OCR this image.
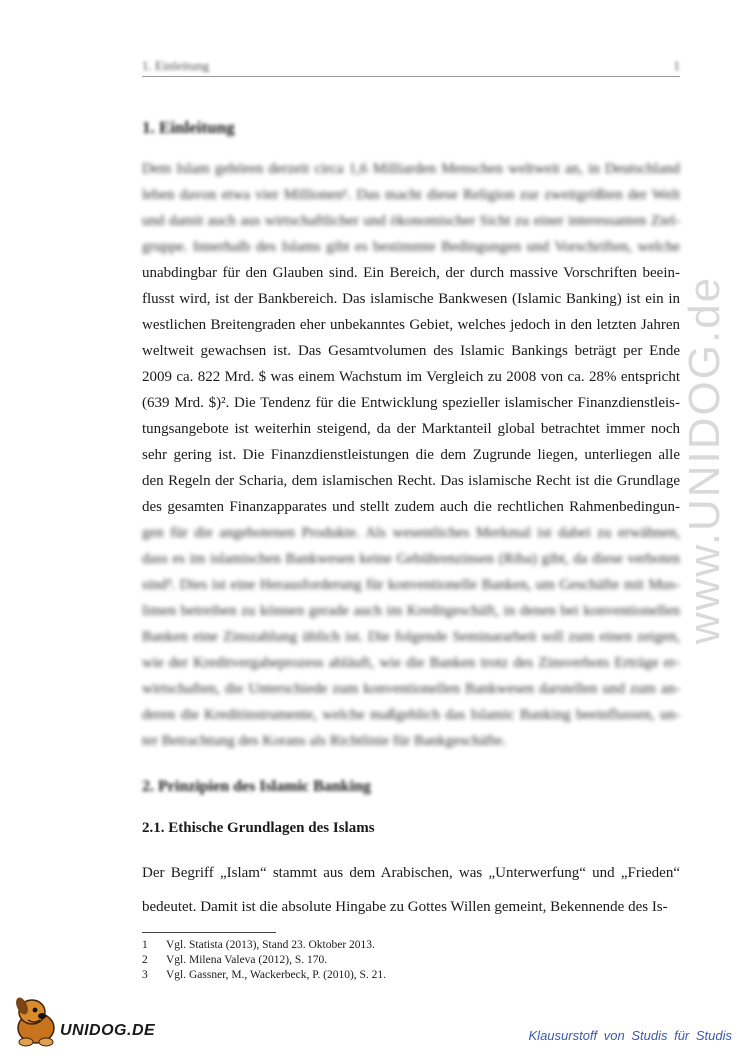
1. Einleitung	1
1. Einleitung
Dem Islam gehören derzeit circa 1,6 Milliarden Menschen weltweit an, in Deutschland
leben davon etwa vier Millionen¹. Das macht diese Religion zur zweitgrößten der Welt
und damit auch aus wirtschaftlicher und ökonomischer Sicht zu einer interessanten Ziel-
gruppe. Innerhalb des Islams gibt es bestimmte Bedingungen und Vorschriften, welche
unabdingbar für den Glauben sind. Ein Bereich, der durch massive Vorschriften beein-
flusst wird, ist der Bankbereich. Das islamische Bankwesen (Islamic Banking) ist ein in
westlichen Breitengraden eher unbekanntes Gebiet, welches jedoch in den letzten Jahren
weltweit gewachsen ist. Das Gesamtvolumen des Islamic Bankings beträgt per Ende
2009 ca. 822 Mrd. $ was einem Wachstum im Vergleich zu 2008 von ca. 28% entspricht
(639 Mrd. $)². Die Tendenz für die Entwicklung spezieller islamischer Finanzdienstleis-
tungsangebote ist weiterhin steigend, da der Marktanteil global betrachtet immer noch
sehr gering ist. Die Finanzdienstleistungen die dem Zugrunde liegen, unterliegen alle
den Regeln der Scharia, dem islamischen Recht. Das islamische Recht ist die Grundlage
des gesamten Finanzapparates und stellt zudem auch die rechtlichen Rahmenbedingun-
gen für die angebotenen Produkte. Als wesentliches Merkmal ist dabei zu erwähnen,
dass es im islamischen Bankwesen keine Gebührenzinsen (Riba) gibt, da diese verboten
sind³. Dies ist eine Herausforderung für konventionelle Banken, um Geschäfte mit Mus-
limen betreiben zu können gerade auch im Kreditgeschäft, in denen bei konventionellen
Banken eine Zinszahlung üblich ist. Die folgende Seminararbeit soll zum einen zeigen,
wie der Kreditvergabeprozess abläuft, wie die Banken trotz des Zinsverbots Erträge er-
wirtschaften, die Unterschiede zum konventionellen Bankwesen darstellen und zum an-
deren die Kreditinstrumente, welche maßgeblich das Islamic Banking beeinflussen, un-
ter Betrachtung des Korans als Richtlinie für Bankgeschäfte.
2. Prinzipien des Islamic Banking
2.1. Ethische Grundlagen des Islams
Der Begriff „Islam“ stammt aus dem Arabischen, was „Unterwerfung“ und „Frieden“
bedeutet. Damit ist die absolute Hingabe zu Gottes Willen gemeint, Bekennende des Is-
1 Vgl. Statista (2013), Stand 23. Oktober 2013.
2 Vgl. Milena Valeva (2012), S. 170.
3 Vgl. Gassner, M., Wackerbeck, P. (2010), S. 21.
www.UNIDOG.de
UNIDOG.DE	Klausurstoff von Studis für Studis
